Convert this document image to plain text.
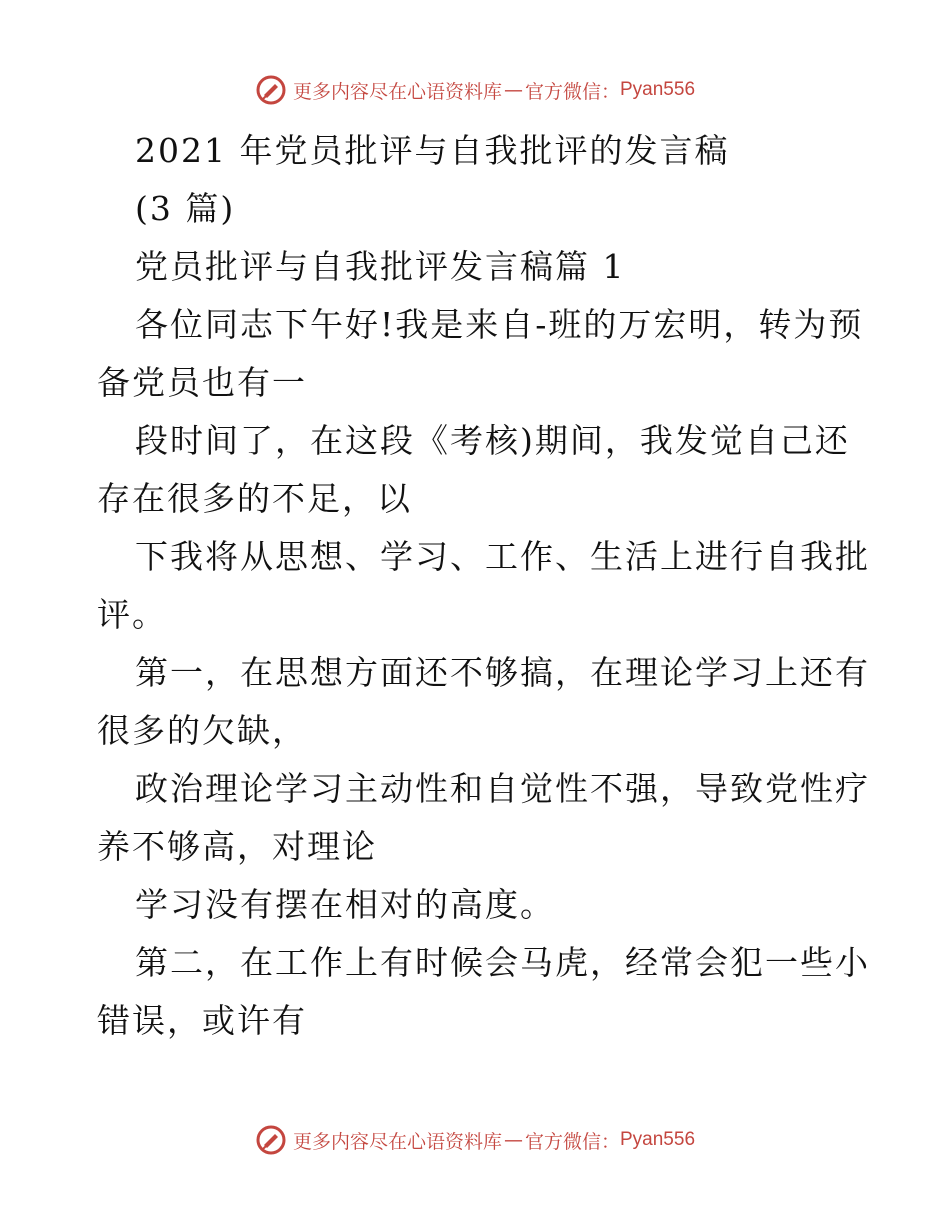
更多内容尽在心语资料库 — 官方微信： Pyan556
2021 年党员批评与自我批评的发言稿
(3 篇)
党员批评与自我批评发言稿篇 1
各位同志下午好!我是来自-班的万宏明，转为预
备党员也有一
段时间了，在这段《考核)期间，我发觉自己还
存在很多的不足，以
下我将从思想、学习、工作、生活上进行自我批
评。
第一，在思想方面还不够搞，在理论学习上还有
很多的欠缺，
政治理论学习主动性和自觉性不强，导致党性疗
养不够高，对理论
学习没有摆在相对的高度。
第二，在工作上有时候会马虎，经常会犯一些小
错误，或许有
更多内容尽在心语资料库 — 官方微信： Pyan556
